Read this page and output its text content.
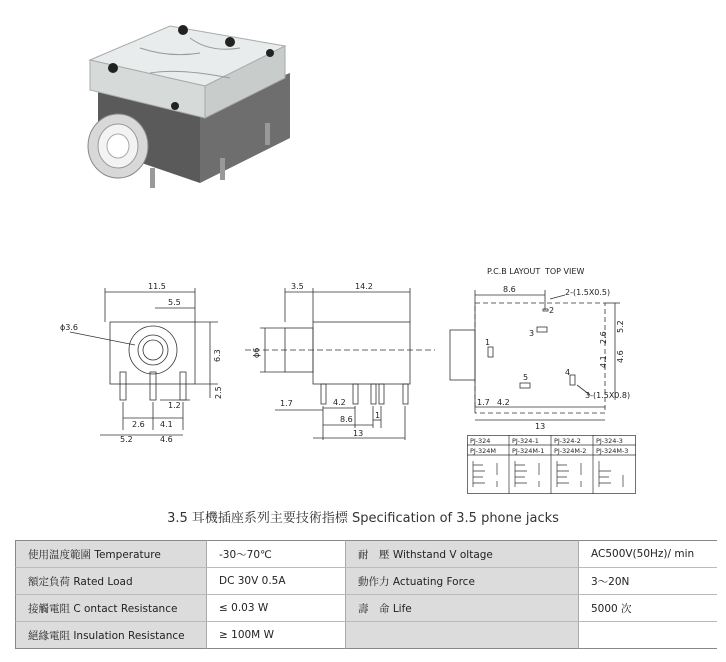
11.5
5.5
ɸ3.6
6.3
2.5
1.2
2.6 4.1
5.2	4.6
3.5	14.2
ɸ6
1.7	4.2
1
8.6
13
P.C.B LAYOUT TOP VIEW
8.6	2-(1.5X0.5)
2
3
1
5
4
3-(1.5X0.8)
5.2
2.6
4.6
4.1
1.7 4.2
13
PJ-324	PJ-324-1 PJ-324-2 PJ-324-3
PJ-324M PJ-324M-1 PJ-324M-2 PJ-324M-3
3.5 耳機插座系列主要技術指標 Specification of 3.5 phone jacks
使用温度範圍 Temperature	-30～70℃	耐　壓 Withstand V oltage	AC500V(50Hz)/ min
額定負荷 Rated Load	DC 30V 0.5A	動作力 Actuating Force	3～20N
接觸電阻 C ontact Resistance	≤ 0.03 W	壽　命 Life	5000 次
絕緣電阻 Insulation Resistance	≥ 100M W		
